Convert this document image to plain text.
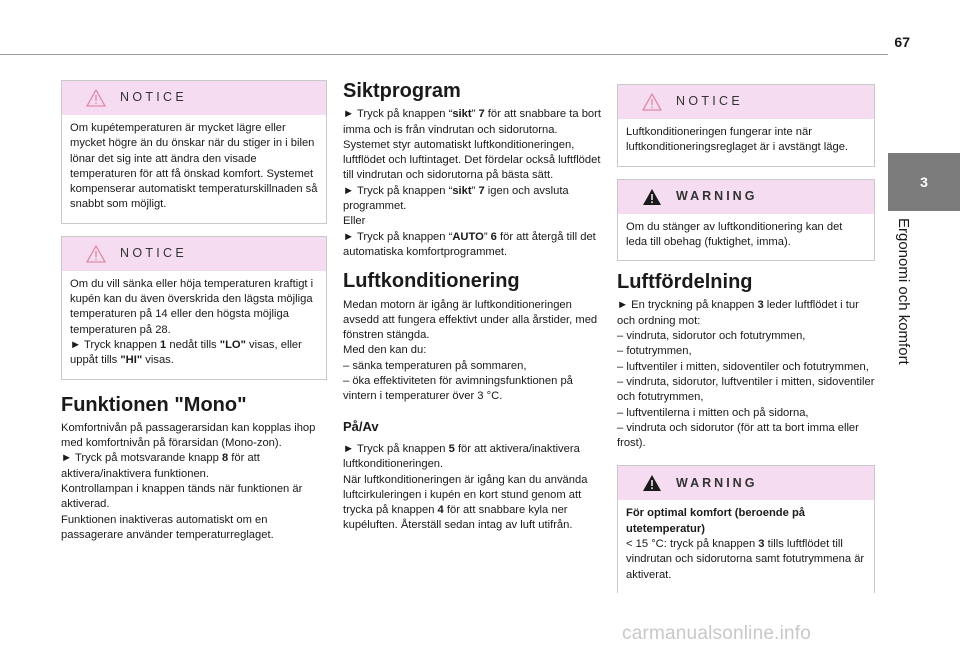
67
3
Ergonomi och komfort
NOTICE

Om kupétemperaturen är mycket lägre eller mycket högre än du önskar när du stiger in i bilen lönar det sig inte att ändra den visade temperaturen för att få önskad komfort. Systemet kompenserar automatiskt temperaturskillnaden så snabbt som möjligt.

NOTICE

Om du vill sänka eller höja temperaturen kraftigt i kupén kan du även överskrida den lägsta möjliga temperaturen på 14 eller den högsta möjliga temperaturen på 28.

► Tryck knappen 1 nedåt tills "LO" visas, eller uppåt tills "HI" visas.

Funktionen "Mono"

Komfortnivån på passagerarsidan kan kopplas ihop med komfortnivån på förarsidan (Mono-zon).

► Tryck på motsvarande knapp 8 för att aktivera/inaktivera funktionen.

Kontrollampan i knappen tänds när funktionen är aktiverad.

Funktionen inaktiveras automatiskt om en passagerare använder temperaturreglaget.

Siktprogram

► Tryck på knappen “sikt” 7 för att snabbare ta bort imma och is från vindrutan och sidorutorna.

Systemet styr automatiskt luftkonditioneringen, luftflödet och luftintaget. Det fördelar också luftflödet till vindrutan och sidorutorna på bästa sätt.

► Tryck på knappen “sikt” 7 igen och avsluta programmet.

Eller

► Tryck på knappen “AUTO” 6 för att återgå till det automatiska komfortprogrammet.

Luftkonditionering

Medan motorn är igång är luftkonditioneringen avsedd att fungera effektivt under alla årstider, med fönstren stängda.

Med den kan du:

– sänka temperaturen på sommaren,

– öka effektiviteten för avimningsfunktionen på vintern i temperaturer över 3 °C.

På/Av

► Tryck på knappen 5 för att aktivera/inaktivera luftkonditioneringen.

När luftkonditioneringen är igång kan du använda luftcirkuleringen i kupén en kort stund genom att trycka på knappen 4 för att snabbare kyla ner kupéluften. Återställ sedan intag av luft utifrån.

NOTICE

Luftkonditioneringen fungerar inte när luftkonditioneringsreglaget är i avstängt läge.

WARNING

Om du stänger av luftkonditionering kan det leda till obehag (fuktighet, imma).

Luftfördelning

► En tryckning på knappen 3 leder luftflödet i tur och ordning mot:

– vindruta, sidorutor och fotutrymmen,

– fotutrymmen,

– luftventiler i mitten, sidoventiler och fotutrymmen,

– vindruta, sidorutor, luftventiler i mitten, sidoventiler och fotutrymmen,

– luftventilerna i mitten och på sidorna,

– vindruta och sidorutor (för att ta bort imma eller frost).

WARNING

För optimal komfort (beroende på utetemperatur)

< 15 °C: tryck på knappen 3 tills luftflödet till vindrutan och sidorutorna samt fotutrymmena är aktiverat.

carmanualsonline.info
